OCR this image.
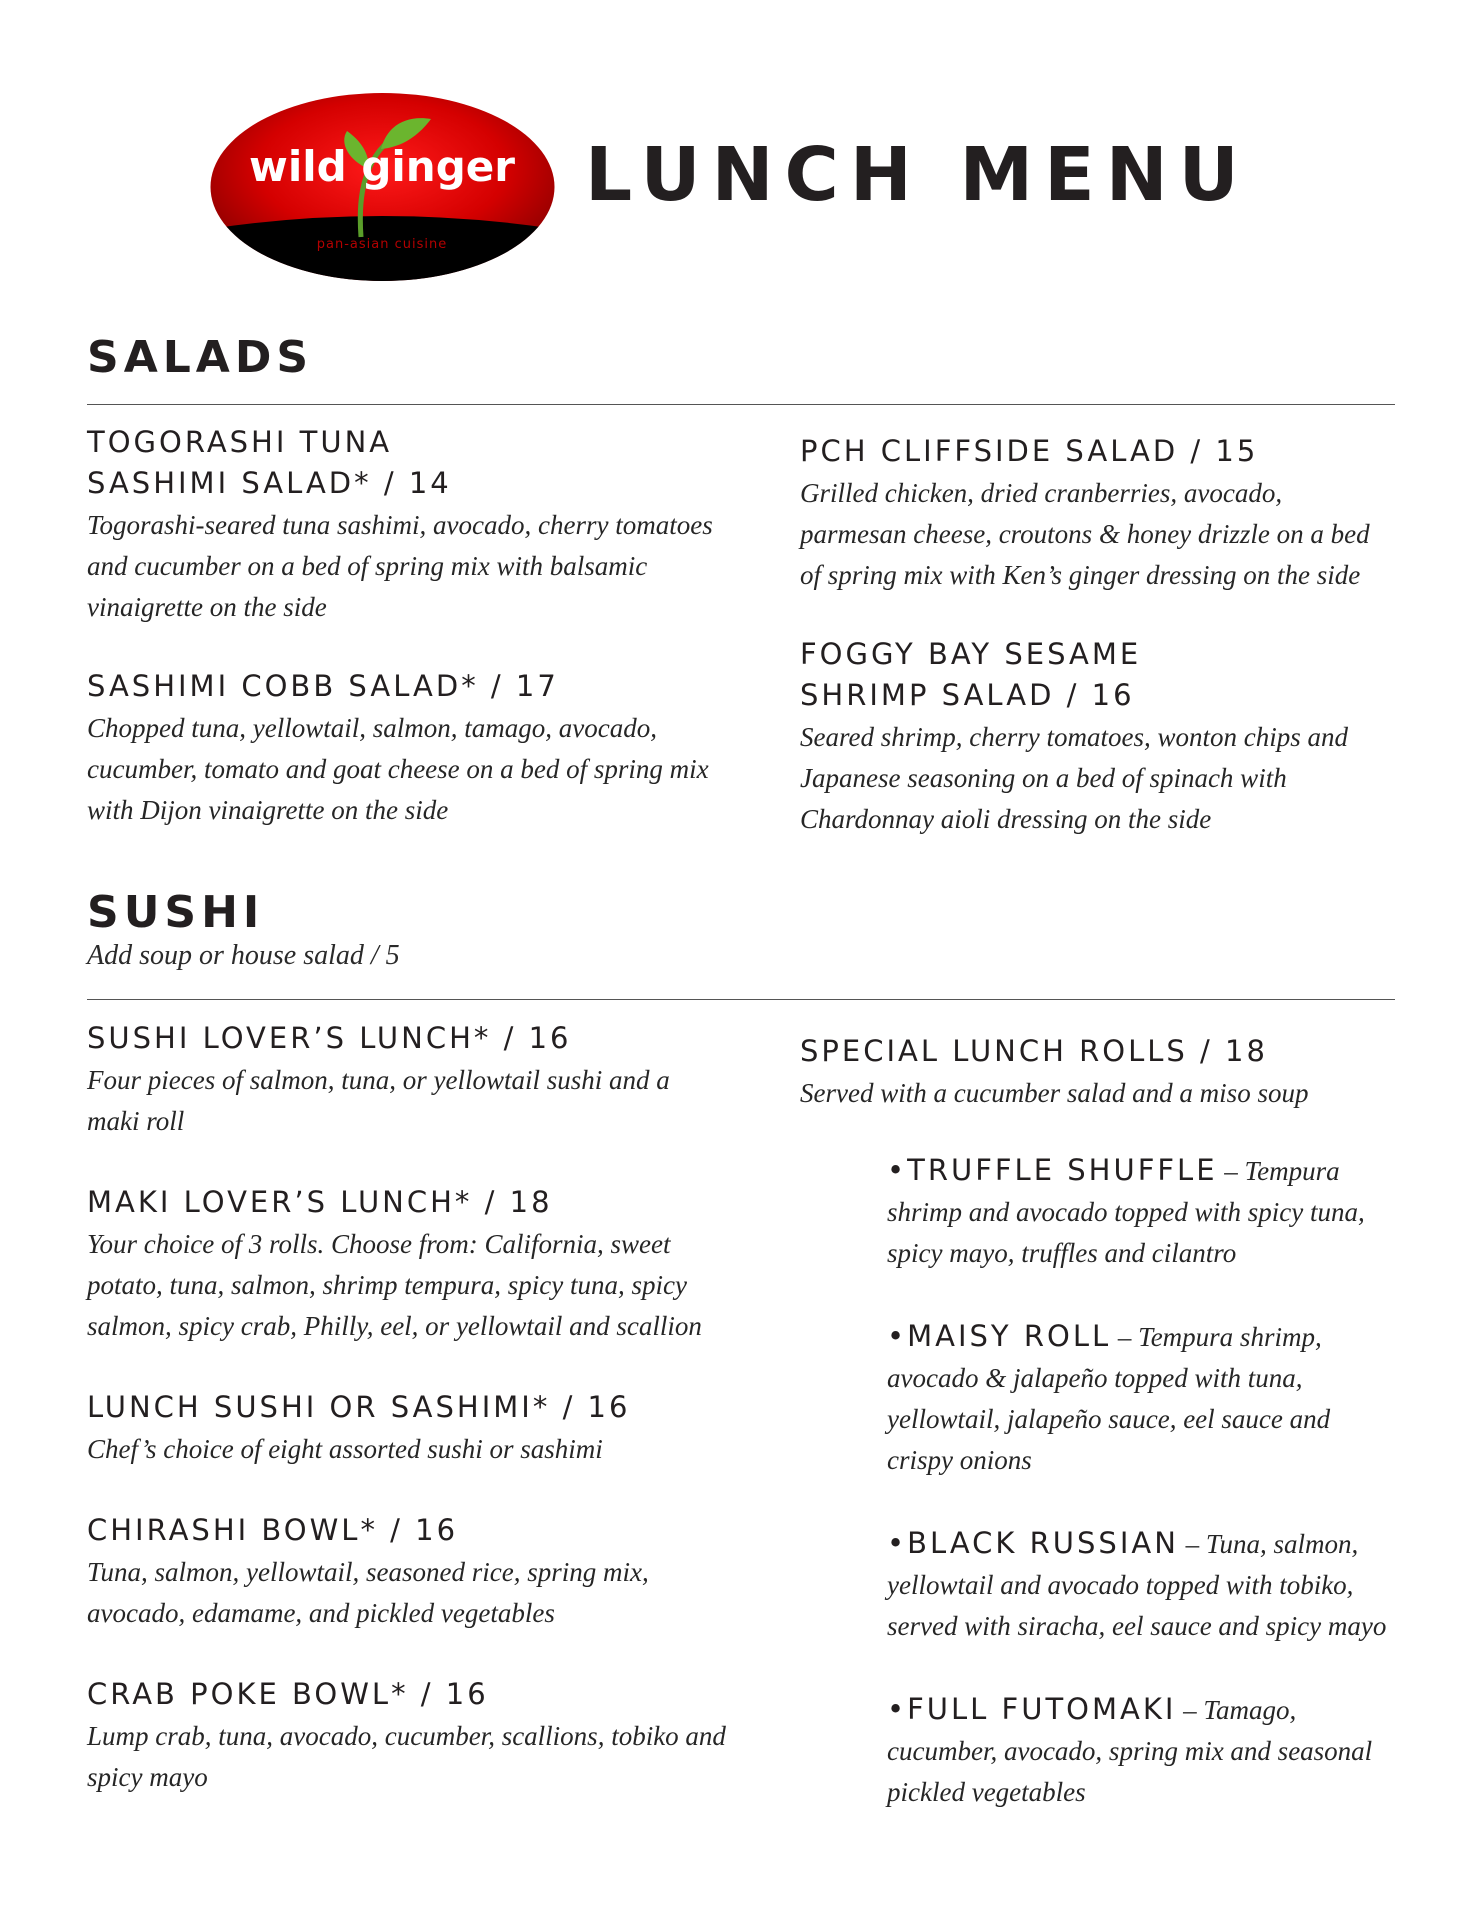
wild ginger
pan-asian cuisine
LUNCH MENU
SALADS
TOGORASHI TUNA
SASHIMI SALAD* / 14
Togorashi-seared tuna sashimi, avocado, cherry tomatoes and cucumber on a bed of spring mix with balsamic vinaigrette on the side
SASHIMI COBB SALAD* / 17
Chopped tuna, yellowtail, salmon, tamago, avocado, cucumber, tomato and goat cheese on a bed of spring mix with Dijon vinaigrette on the side
PCH CLIFFSIDE SALAD / 15
Grilled chicken, dried cranberries, avocado, parmesan cheese, croutons & honey drizzle on a bed of spring mix with Ken’s ginger dressing on the side
FOGGY BAY SESAME
SHRIMP SALAD / 16
Seared shrimp, cherry tomatoes, wonton chips and Japanese seasoning on a bed of spinach with Chardonnay aioli dressing on the side
SUSHI
Add soup or house salad / 5
SUSHI LOVER’S LUNCH* / 16
Four pieces of salmon, tuna, or yellowtail sushi and a maki roll
MAKI LOVER’S LUNCH* / 18
Your choice of 3 rolls. Choose from: California, sweet potato, tuna, salmon, shrimp tempura, spicy tuna, spicy salmon, spicy crab, Philly, eel, or yellowtail and scallion
LUNCH SUSHI OR SASHIMI* / 16
Chef’s choice of eight assorted sushi or sashimi
CHIRASHI BOWL* / 16
Tuna, salmon, yellowtail, seasoned rice, spring mix, avocado, edamame, and pickled vegetables
CRAB POKE BOWL* / 16
Lump crab, tuna, avocado, cucumber, scallions, tobiko and spicy mayo
SPECIAL LUNCH ROLLS / 18
Served with a cucumber salad and a miso soup
•TRUFFLE SHUFFLE – Tempura shrimp and avocado topped with spicy tuna, spicy mayo, truffles and cilantro
•MAISY ROLL – Tempura shrimp, avocado & jalapeño topped with tuna, yellowtail, jalapeño sauce, eel sauce and crispy onions
•BLACK RUSSIAN – Tuna, salmon, yellowtail and avocado topped with tobiko, served with siracha, eel sauce and spicy mayo
•FULL FUTOMAKI – Tamago, cucumber, avocado, spring mix and seasonal pickled vegetables
